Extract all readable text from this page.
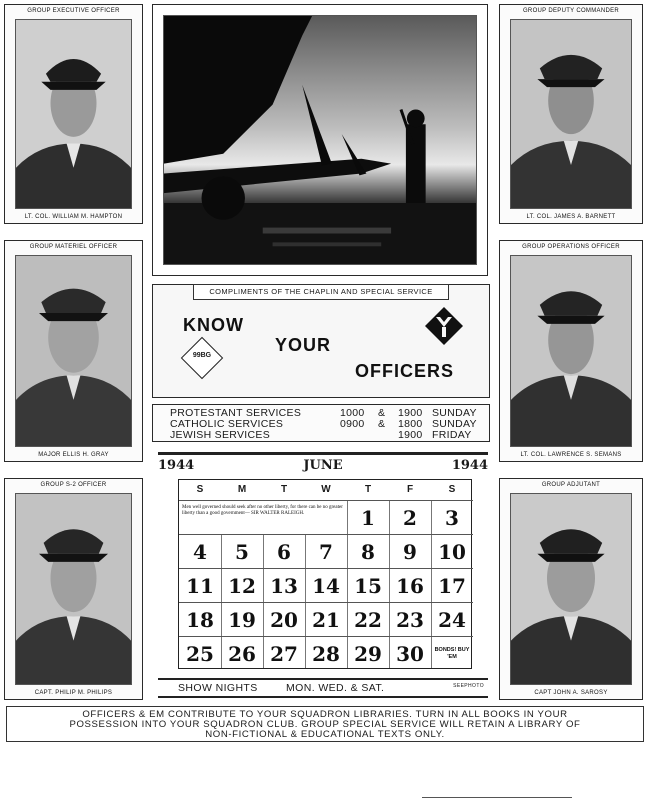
GROUP EXECUTIVE OFFICER
LT. COL. WILLIAM M. HAMPTON
GROUP DEPUTY COMMANDER
LT. COL. JAMES A. BARNETT
GROUP MATERIEL OFFICER
MAJOR ELLIS H. GRAY
GROUP OPERATIONS OFFICER
LT. COL. LAWRENCE S. SEMANS
GROUP S-2 OFFICER
CAPT. PHILIP M. PHILIPS
GROUP ADJUTANT
CAPT JOHN A. SAROSY
COMPLIMENTS OF THE CHAPLIN AND SPECIAL SERVICE
KNOW
YOUR
OFFICERS
99BG
PROTESTANT SERVICES	1000 & 1900 SUNDAY
CATHOLIC SERVICES	0900 & 1800 SUNDAY
JEWISH SERVICES	1900 FRIDAY
1944	JUNE	1944
S	M	T	W	T	F	S
Men well governed should seek after no other liberty, for there can be no greater liberty than a good government— SIR WALTER RALEIGH.	1	2	3
4	5	6	7	8	9	10
11 12 13 14 15 16 17
18 19 20 21 22 23 24
25 26 27 28 29 30	BONDS! BUY 'EM
SHOW NIGHTS	MON. WED. & SAT.	SEEPHOTO
OFFICERS & EM CONTRIBUTE TO YOUR SQUADRON LIBRARIES. TURN IN ALL BOOKS IN YOUR
POSSESSION INTO YOUR SQUADRON CLUB. GROUP SPECIAL SERVICE WILL RETAIN A LIBRARY OF
NON-FICTIONAL & EDUCATIONAL TEXTS ONLY.
